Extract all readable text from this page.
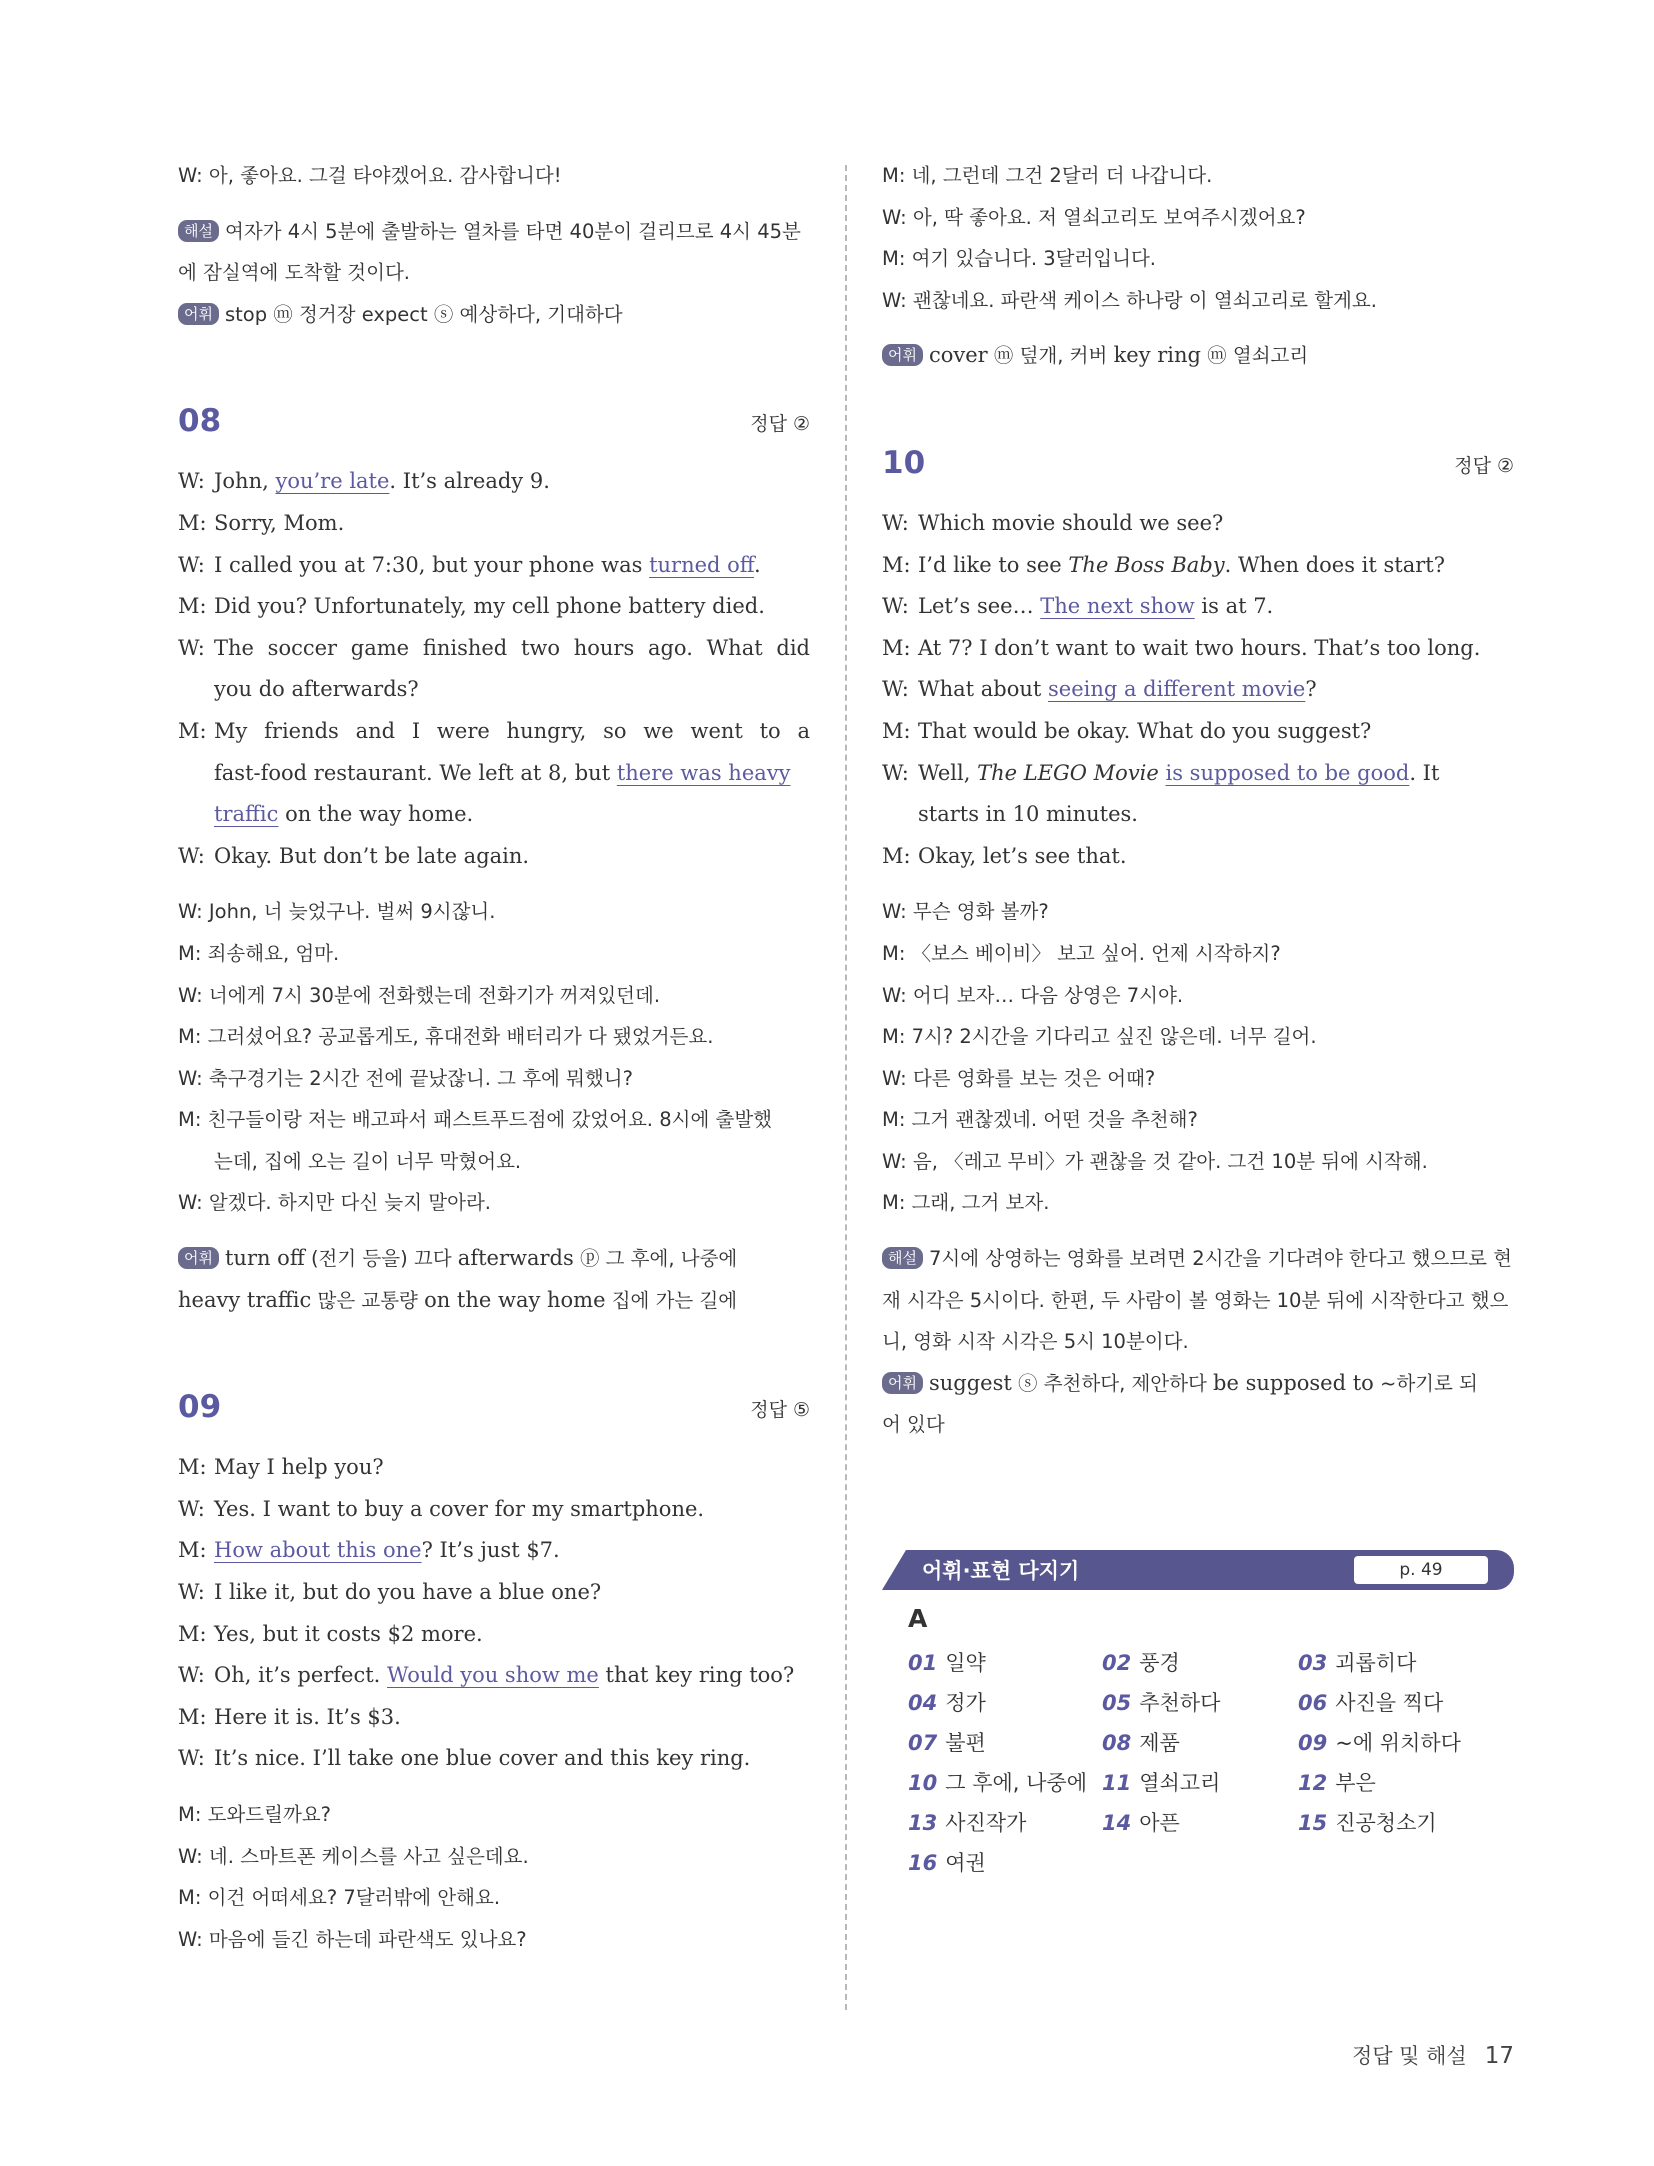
W: 아, 좋아요. 그걸 타야겠어요. 감사합니다!
해설 여자가 4시 5분에 출발하는 열차를 타면 40분이 걸리므로 4시 45분
에 잠실역에 도착할 것이다.
어휘 stop ⓜ 정거장 expect ⓢ 예상하다, 기대하다
08	정답 ②
W: John, you’re late. It’s already 9.
M: Sorry, Mom.
W: I called you at 7:30, but your phone was turned off.
M: Did you? Unfortunately, my cell phone battery died.
W: The soccer game finished two hours ago. What did
you do afterwards?
M: My friends and I were hungry, so we went to a
fast-food restaurant. We left at 8, but there was heavy
traffic on the way home.
W: Okay. But don’t be late again.
W: John, 너 늦었구나. 벌써 9시잖니.
M: 죄송해요, 엄마.
W: 너에게 7시 30분에 전화했는데 전화기가 꺼져있던데.
M: 그러셨어요? 공교롭게도, 휴대전화 배터리가 다 됐었거든요.
W: 축구경기는 2시간 전에 끝났잖니. 그 후에 뭐했니?
M: 친구들이랑 저는 배고파서 패스트푸드점에 갔었어요. 8시에 출발했
는데, 집에 오는 길이 너무 막혔어요.
W: 알겠다. 하지만 다신 늦지 말아라.
어휘 turn off (전기 등을) 끄다 afterwards ⓟ 그 후에, 나중에
heavy traffic 많은 교통량 on the way home 집에 가는 길에
09	정답 ⑤
M: May I help you?
W: Yes. I want to buy a cover for my smartphone.
M: How about this one? It’s just $7.
W: I like it, but do you have a blue one?
M: Yes, but it costs $2 more.
W: Oh, it’s perfect. Would you show me that key ring too?
M: Here it is. It’s $3.
W: It’s nice. I’ll take one blue cover and this key ring.
M: 도와드릴까요?
W: 네. 스마트폰 케이스를 사고 싶은데요.
M: 이건 어떠세요? 7달러밖에 안해요.
W: 마음에 들긴 하는데 파란색도 있나요?
M: 네, 그런데 그건 2달러 더 나갑니다.
W: 아, 딱 좋아요. 저 열쇠고리도 보여주시겠어요?
M: 여기 있습니다. 3달러입니다.
W: 괜찮네요. 파란색 케이스 하나랑 이 열쇠고리로 할게요.
어휘 cover ⓜ 덮개, 커버 key ring ⓜ 열쇠고리
10	정답 ②
W: Which movie should we see?
M: I’d like to see The Boss Baby. When does it start?
W: Let’s see… The next show is at 7.
M: At 7? I don’t want to wait two hours. That’s too long.
W: What about seeing a different movie?
M: That would be okay. What do you suggest?
W: Well, The LEGO Movie is supposed to be good. It
starts in 10 minutes.
M: Okay, let’s see that.
W: 무슨 영화 볼까?
M: 〈보스 베이비〉 보고 싶어. 언제 시작하지?
W: 어디 보자… 다음 상영은 7시야.
M: 7시? 2시간을 기다리고 싶진 않은데. 너무 길어.
W: 다른 영화를 보는 것은 어때?
M: 그거 괜찮겠네. 어떤 것을 추천해?
W: 음, 〈레고 무비〉가 괜찮을 것 같아. 그건 10분 뒤에 시작해.
M: 그래, 그거 보자.
해설 7시에 상영하는 영화를 보려면 2시간을 기다려야 한다고 했으므로 현
재 시각은 5시이다. 한편, 두 사람이 볼 영화는 10분 뒤에 시작한다고 했으
니, 영화 시작 시각은 5시 10분이다.
어휘 suggest ⓢ 추천하다, 제안하다 be supposed to ~하기로 되
어 있다
어휘·표현 다지기	p. 49
A
01 일약	02 풍경	03 괴롭히다
04 정가	05 추천하다	06 사진을 찍다
07 불편	08 제품	09 ~에 위치하다
10 그 후에, 나중에 11 열쇠고리	12 부은
13 사진작가	14 아픈	15 진공청소기
16 여권
정답 및 해설 17
